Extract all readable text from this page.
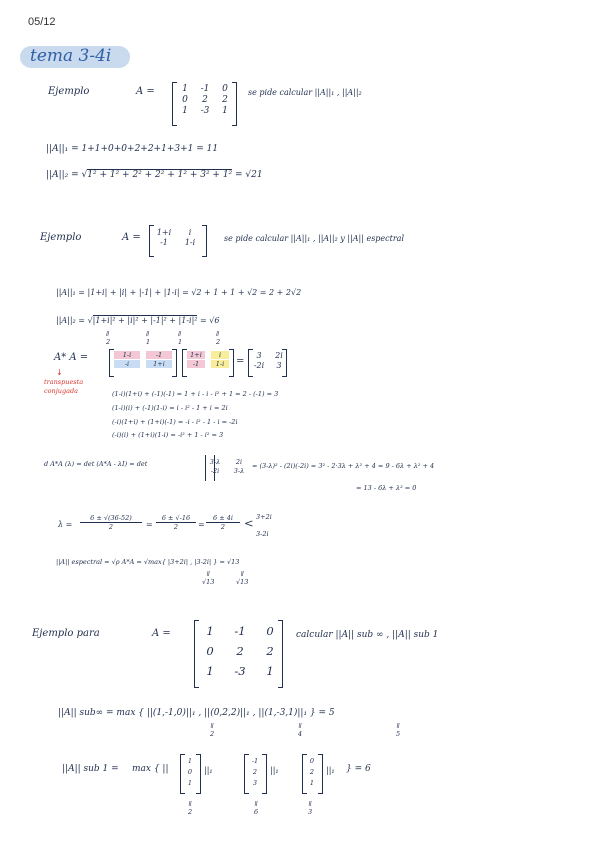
05/12
tema 3-4i
Ejemplo	A =	1	-1	0
0	2	2
1	-3	1
se pide calcular ||A||₁ , ||A||₂
||A||₁ = 1+1+0+0+2+2+1+3+1 = 11
||A||₂ = √1² + 1² + 2² + 2² + 1² + 3² + 1² = √21
Ejemplo	A =	1+i	i
-1	1-i	se pide calcular ||A||₁ , ||A||₂ y ||A|| espectral
||A||₁ = |1+i| + |i| + |-1| + |1-i| = √2 + 1 + 1 + √2 = 2 + 2√2
||A||₂ = √|1+i|² + |i|² + |-1|² + |1-i|² = √6
ǁ
2
ǁ
1
ǁ
1
ǁ
2
A* A =
↓
transpuesta conjugada
1-i	-1
-i	1+i
1+i	i
-1	1-i	=
3	2i
-2i	3
(1-i)(1+i) + (-1)(-1) = 1 + i - i - i² + 1 = 2 - (-1) = 3
(1-i)(i) + (-1)(1-i) = i - i² - 1 + i = 2i
(-i)(1+i) + (1+i)(-1) = -i - i² - 1 - i = -2i
(-i)(i) + (1+i)(1-i) = -i² + 1 - i² = 3
d A*A (λ) = det (A*A - λI) = det	3-λ	2i
-2i	3-λ
= (3-λ)² - (2i)(-2i) = 3² - 2·3λ + λ² + 4 = 9 - 6λ + λ² + 4
= 13 - 6λ + λ² = 0
$\lambda = \frac{6 \pm √(36-52)}{2} = \frac{6 \pm √-16}{2} = \frac{6 \pm 4i}{2} < 3+2i$
3-2i
||A|| espectral = √ρ A*A = √max{ |3+2i| , |3-2i| } = √13
ǁ
√13
ǁ
√13
Ejemplo para	A =	1	-1	0
0	2	2
1	-3	1
calcular ||A|| sub ∞ , ||A|| sub 1
||A|| sub∞ = max { ||(1,-1,0)||₁ , ||(0,2,2)||₁ , ||(1,-3,1)||₁ } = 5
ǁ
2
ǁ
4
ǁ
5
||A|| sub 1 = max { ||
1
0
1
||₁
-1
2
3
||₁
0
2
1
||₁ } = 6
ǁ
2
ǁ
6
ǁ
3
